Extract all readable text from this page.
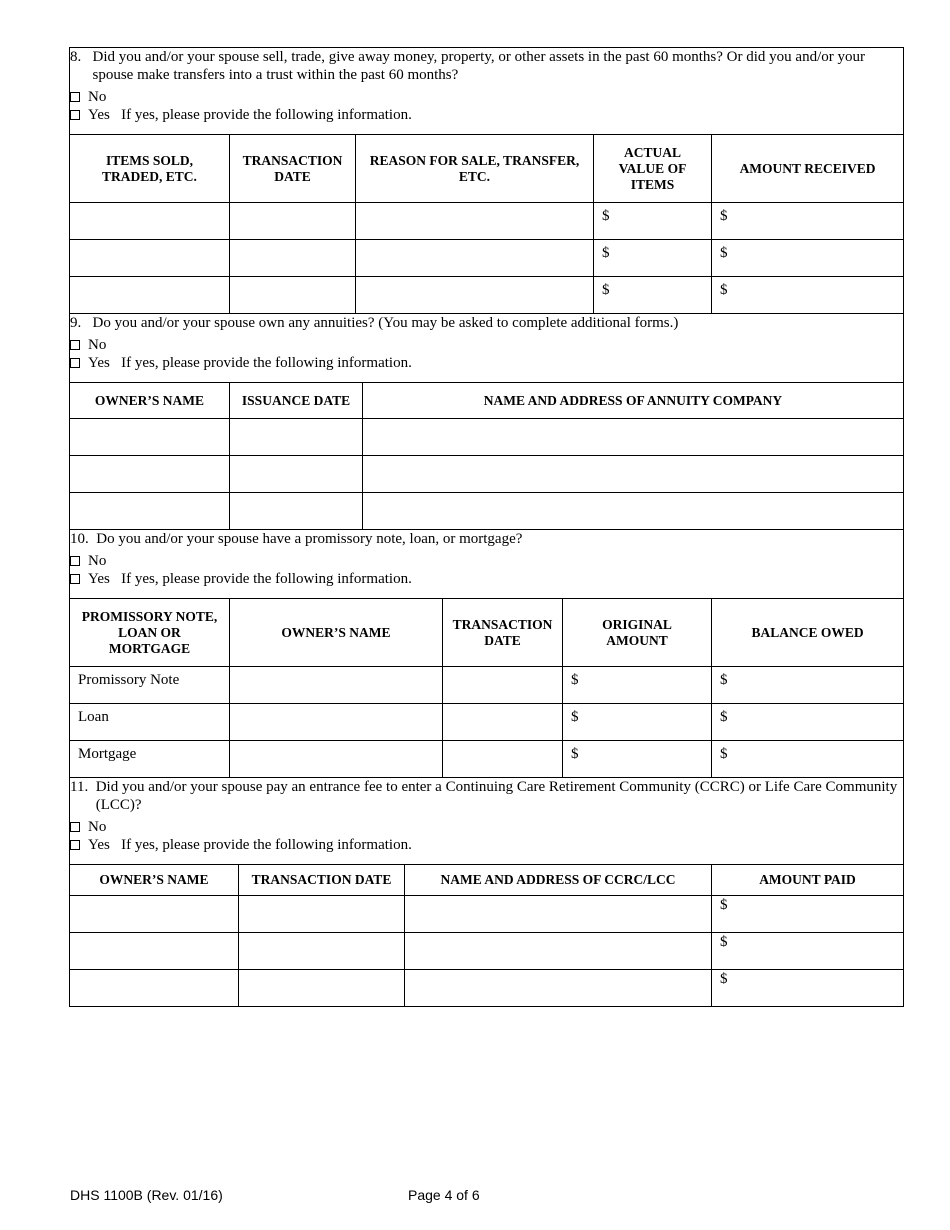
8.
Did you and/or your spouse sell, trade, give away money, property, or other assets in the past 60 months? Or did you and/or your spouse make transfers into a trust within the past 60 months?
No
Yes
If yes, please provide the following information.				

ITEMS SOLD, TRADED, ETC.	TRANSACTION DATE	REASON FOR SALE, TRANSFER, ETC.	ACTUAL VALUE OF ITEMS	AMOUNT RECEIVED
			$	$
			$	$
			$	$
9.
Do you and/or your spouse own any annuities? (You may be asked to complete additional forms.)
No
Yes
If yes, please provide the following information.		

OWNER’S NAME	ISSUANCE DATE	NAME AND ADDRESS OF ANNUITY COMPANY

10.
Do you and/or your spouse have a promissory note, loan, or mortgage?
No
Yes
If yes, please provide the following information.				

PROMISSORY NOTE, LOAN OR MORTGAGE	OWNER’S NAME	TRANSACTION DATE	ORIGINAL AMOUNT	BALANCE OWED
Promissory Note			$	$
Loan			$	$
Mortgage			$	$
11.
Did you and/or your spouse pay an entrance fee to enter a Continuing Care Retirement Community (CCRC) or Life Care Community (LCC)?
No
Yes
If yes, please provide the following information.			

OWNER’S NAME	TRANSACTION DATE	NAME AND ADDRESS OF CCRC/LCC	AMOUNT PAID
			$
			$
			$
DHS 1100B (Rev. 01/16)	Page 4 of 6
